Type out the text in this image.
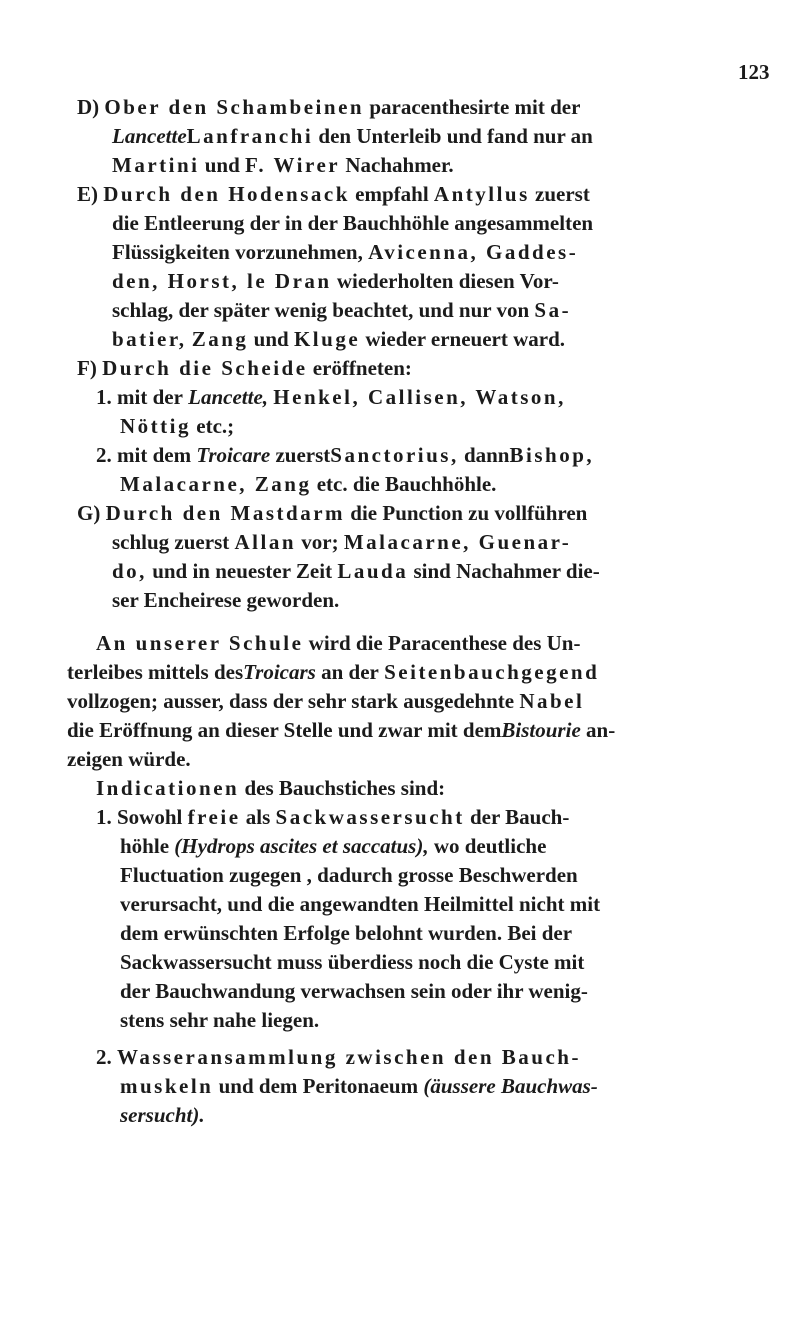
123
D) Ober den Schambeinen paracenthesirte mit der
LancetteLanfranchi den Unterleib und fand nur an
Martini und F. Wirer Nachahmer.
E) Durch den Hodensack empfahl Antyllus zuerst
die Entleerung der in der Bauchhöhle angesammelten
Flüssigkeiten vorzunehmen, Avicenna, Gaddes-
den, Horst, le Dran wiederholten diesen Vor-
schlag, der später wenig beachtet, und nur von Sa-
batier, Zang und Kluge wieder erneuert ward.
F) Durch die Scheide eröffneten:
1. mit der Lancette, Henkel, Callisen, Watson,
Nöttig etc.;
2. mit dem Troicare zuerstSanctorius, dannBishop,
Malacarne, Zang etc. die Bauchhöhle.
G) Durch den Mastdarm die Punction zu vollführen
schlug zuerst Allan vor; Malacarne, Guenar-
do, und in neuester Zeit Lauda sind Nachahmer die-
ser Encheirese geworden.
An unserer Schule wird die Paracenthese des Un-
terleibes mittels desTroicars an der Seitenbauchgegend
vollzogen; ausser, dass der sehr stark ausgedehnte Nabel
die Eröffnung an dieser Stelle und zwar mit demBistourie an-
zeigen würde.
Indicationen des Bauchstiches sind:
1. Sowohl freie als Sackwassersucht der Bauch-
höhle (Hydrops ascites et saccatus), wo deutliche
Fluctuation zugegen , dadurch grosse Beschwerden
verursacht, und die angewandten Heilmittel nicht mit
dem erwünschten Erfolge belohnt wurden. Bei der
Sackwassersucht muss überdiess noch die Cyste mit
der Bauchwandung verwachsen sein oder ihr wenig-
stens sehr nahe liegen.
2. Wasseransammlung zwischen den Bauch-
muskeln und dem Peritonaeum (äussere Bauchwas-
sersucht).
